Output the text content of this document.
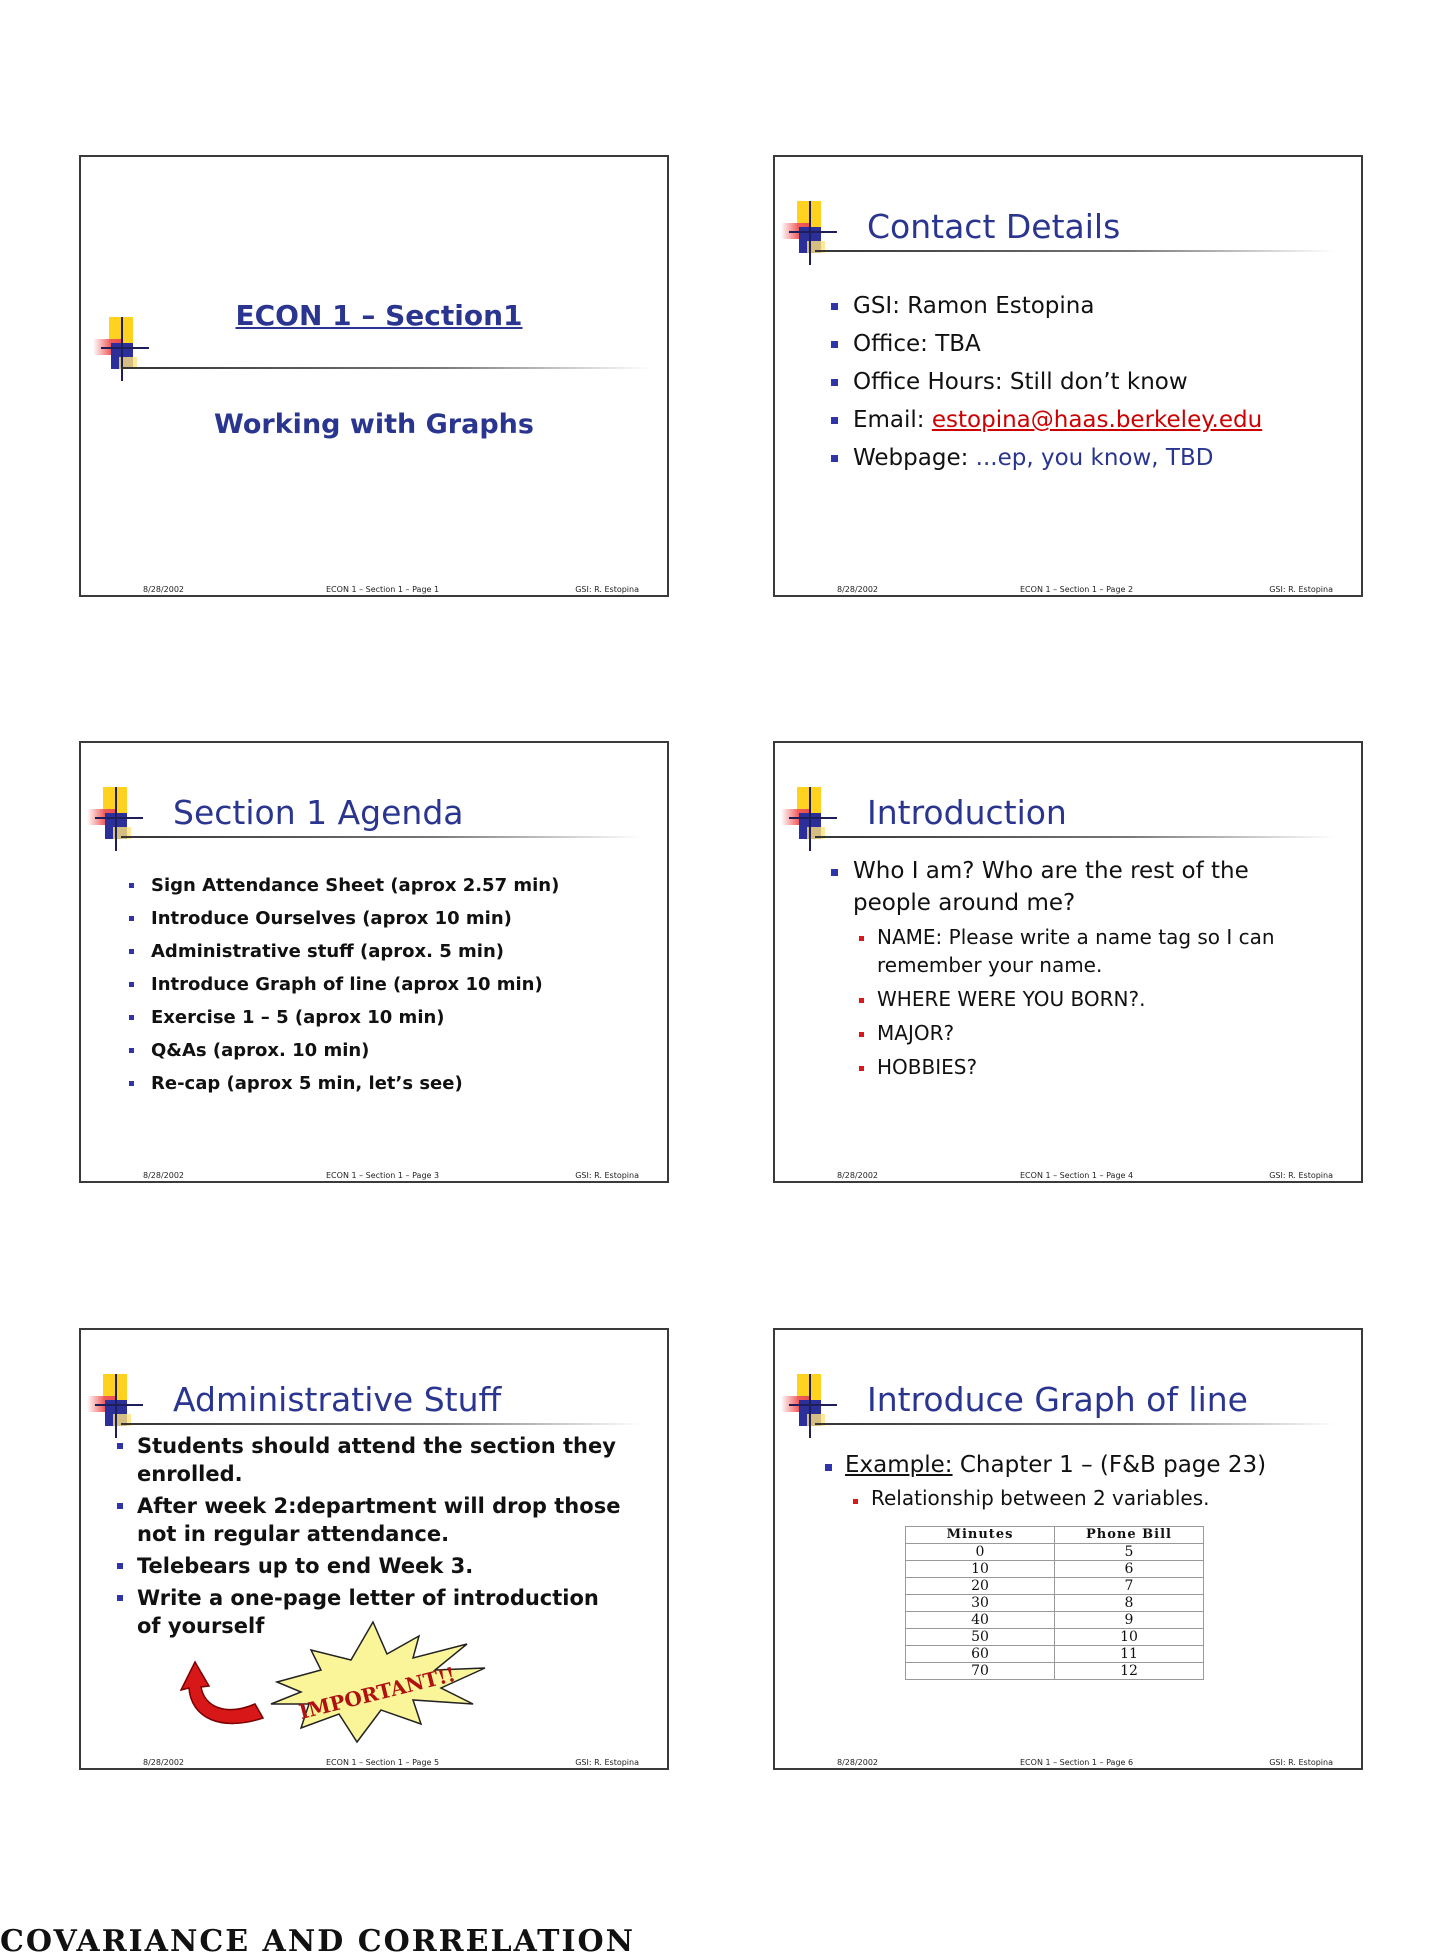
ECON 1 – Section1
Working with Graphs
8/28/2002	ECON 1 – Section 1 – Page 1	GSI: R. Estopina
Contact Details
GSI: Ramon Estopina
Office: TBA
Office Hours: Still don’t know
Email: estopina@haas.berkeley.edu
Webpage: ...ep, you know, TBD
8/28/2002	ECON 1 – Section 1 – Page 2	GSI: R. Estopina
Section 1 Agenda
Sign Attendance Sheet (aprox 2.57 min)
Introduce Ourselves (aprox 10 min)
Administrative stuff (aprox. 5 min)
Introduce Graph of line (aprox 10 min)
Exercise 1 – 5 (aprox 10 min)
Q&As (aprox. 10 min)
Re-cap (aprox 5 min, let’s see)
8/28/2002	ECON 1 – Section 1 – Page 3	GSI: R. Estopina
Introduction
Who I am? Who are the rest of the people around me?
NAME: Please write a name tag so I can remember your name.
WHERE WERE YOU BORN?.
MAJOR?
HOBBIES?
8/28/2002	ECON 1 – Section 1 – Page 4	GSI: R. Estopina
Administrative Stuff
Students should attend the section they enrolled.
After week 2:department will drop those not in regular attendance.
Telebears up to end Week 3.
Write a one-page letter of introduction of yourself
IMPORTANT!!
8/28/2002	ECON 1 – Section 1 – Page 5	GSI: R. Estopina
Introduce Graph of line
Example: Chapter 1 – (F&B page 23)
Relationship between 2 variables.
Minutes	Phone Bill
0	5
10	6
20	7
30	8
40	9
50	10
60	11
70	12
8/28/2002	ECON 1 – Section 1 – Page 6	GSI: R. Estopina
COVARIANCE AND CORRELATION
